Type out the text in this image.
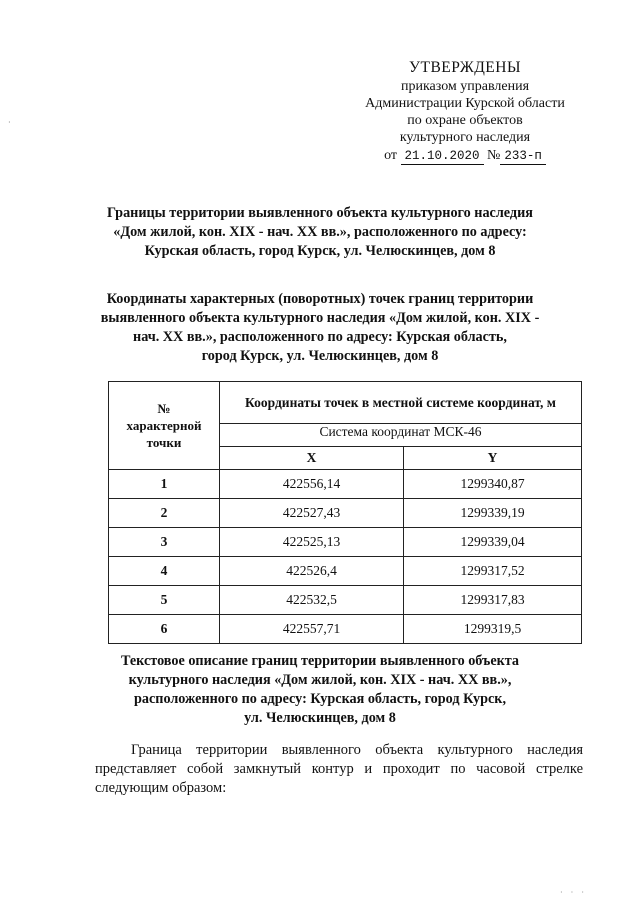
·
УТВЕРЖДЕНЫ
приказом управления
Администрации Курской области
по охране объектов
культурного наследия
от 21.10.2020 № 233-п
Границы территории выявленного объекта культурного наследия
«Дом жилой, кон. XIX - нач. XX вв.», расположенного по адресу:
Курская область, город Курск, ул. Челюскинцев, дом 8
Координаты характерных (поворотных) точек границ территории
выявленного объекта культурного наследия «Дом жилой, кон. XIX -
нач. XX вв.», расположенного по адресу: Курская область,
город Курск, ул. Челюскинцев, дом 8
№
характерной
точки	Координаты точек в местной системе координат, м	
	Система координат МСК-46	
	X	Y
1	422556,14	1299340,87
2	422527,43	1299339,19
3	422525,13	1299339,04
4	422526,4	1299317,52
5	422532,5	1299317,83
6	422557,71	1299319,5
Текстовое описание границ территории выявленного объекта
культурного наследия «Дом жилой, кон. XIX - нач. XX вв.»,
расположенного по адресу: Курская область, город Курск,
ул. Челюскинцев, дом 8
Граница территории выявленного объекта культурного наследия представляет собой замкнутый контур и проходит по часовой стрелке следующим образом:
· · ·
